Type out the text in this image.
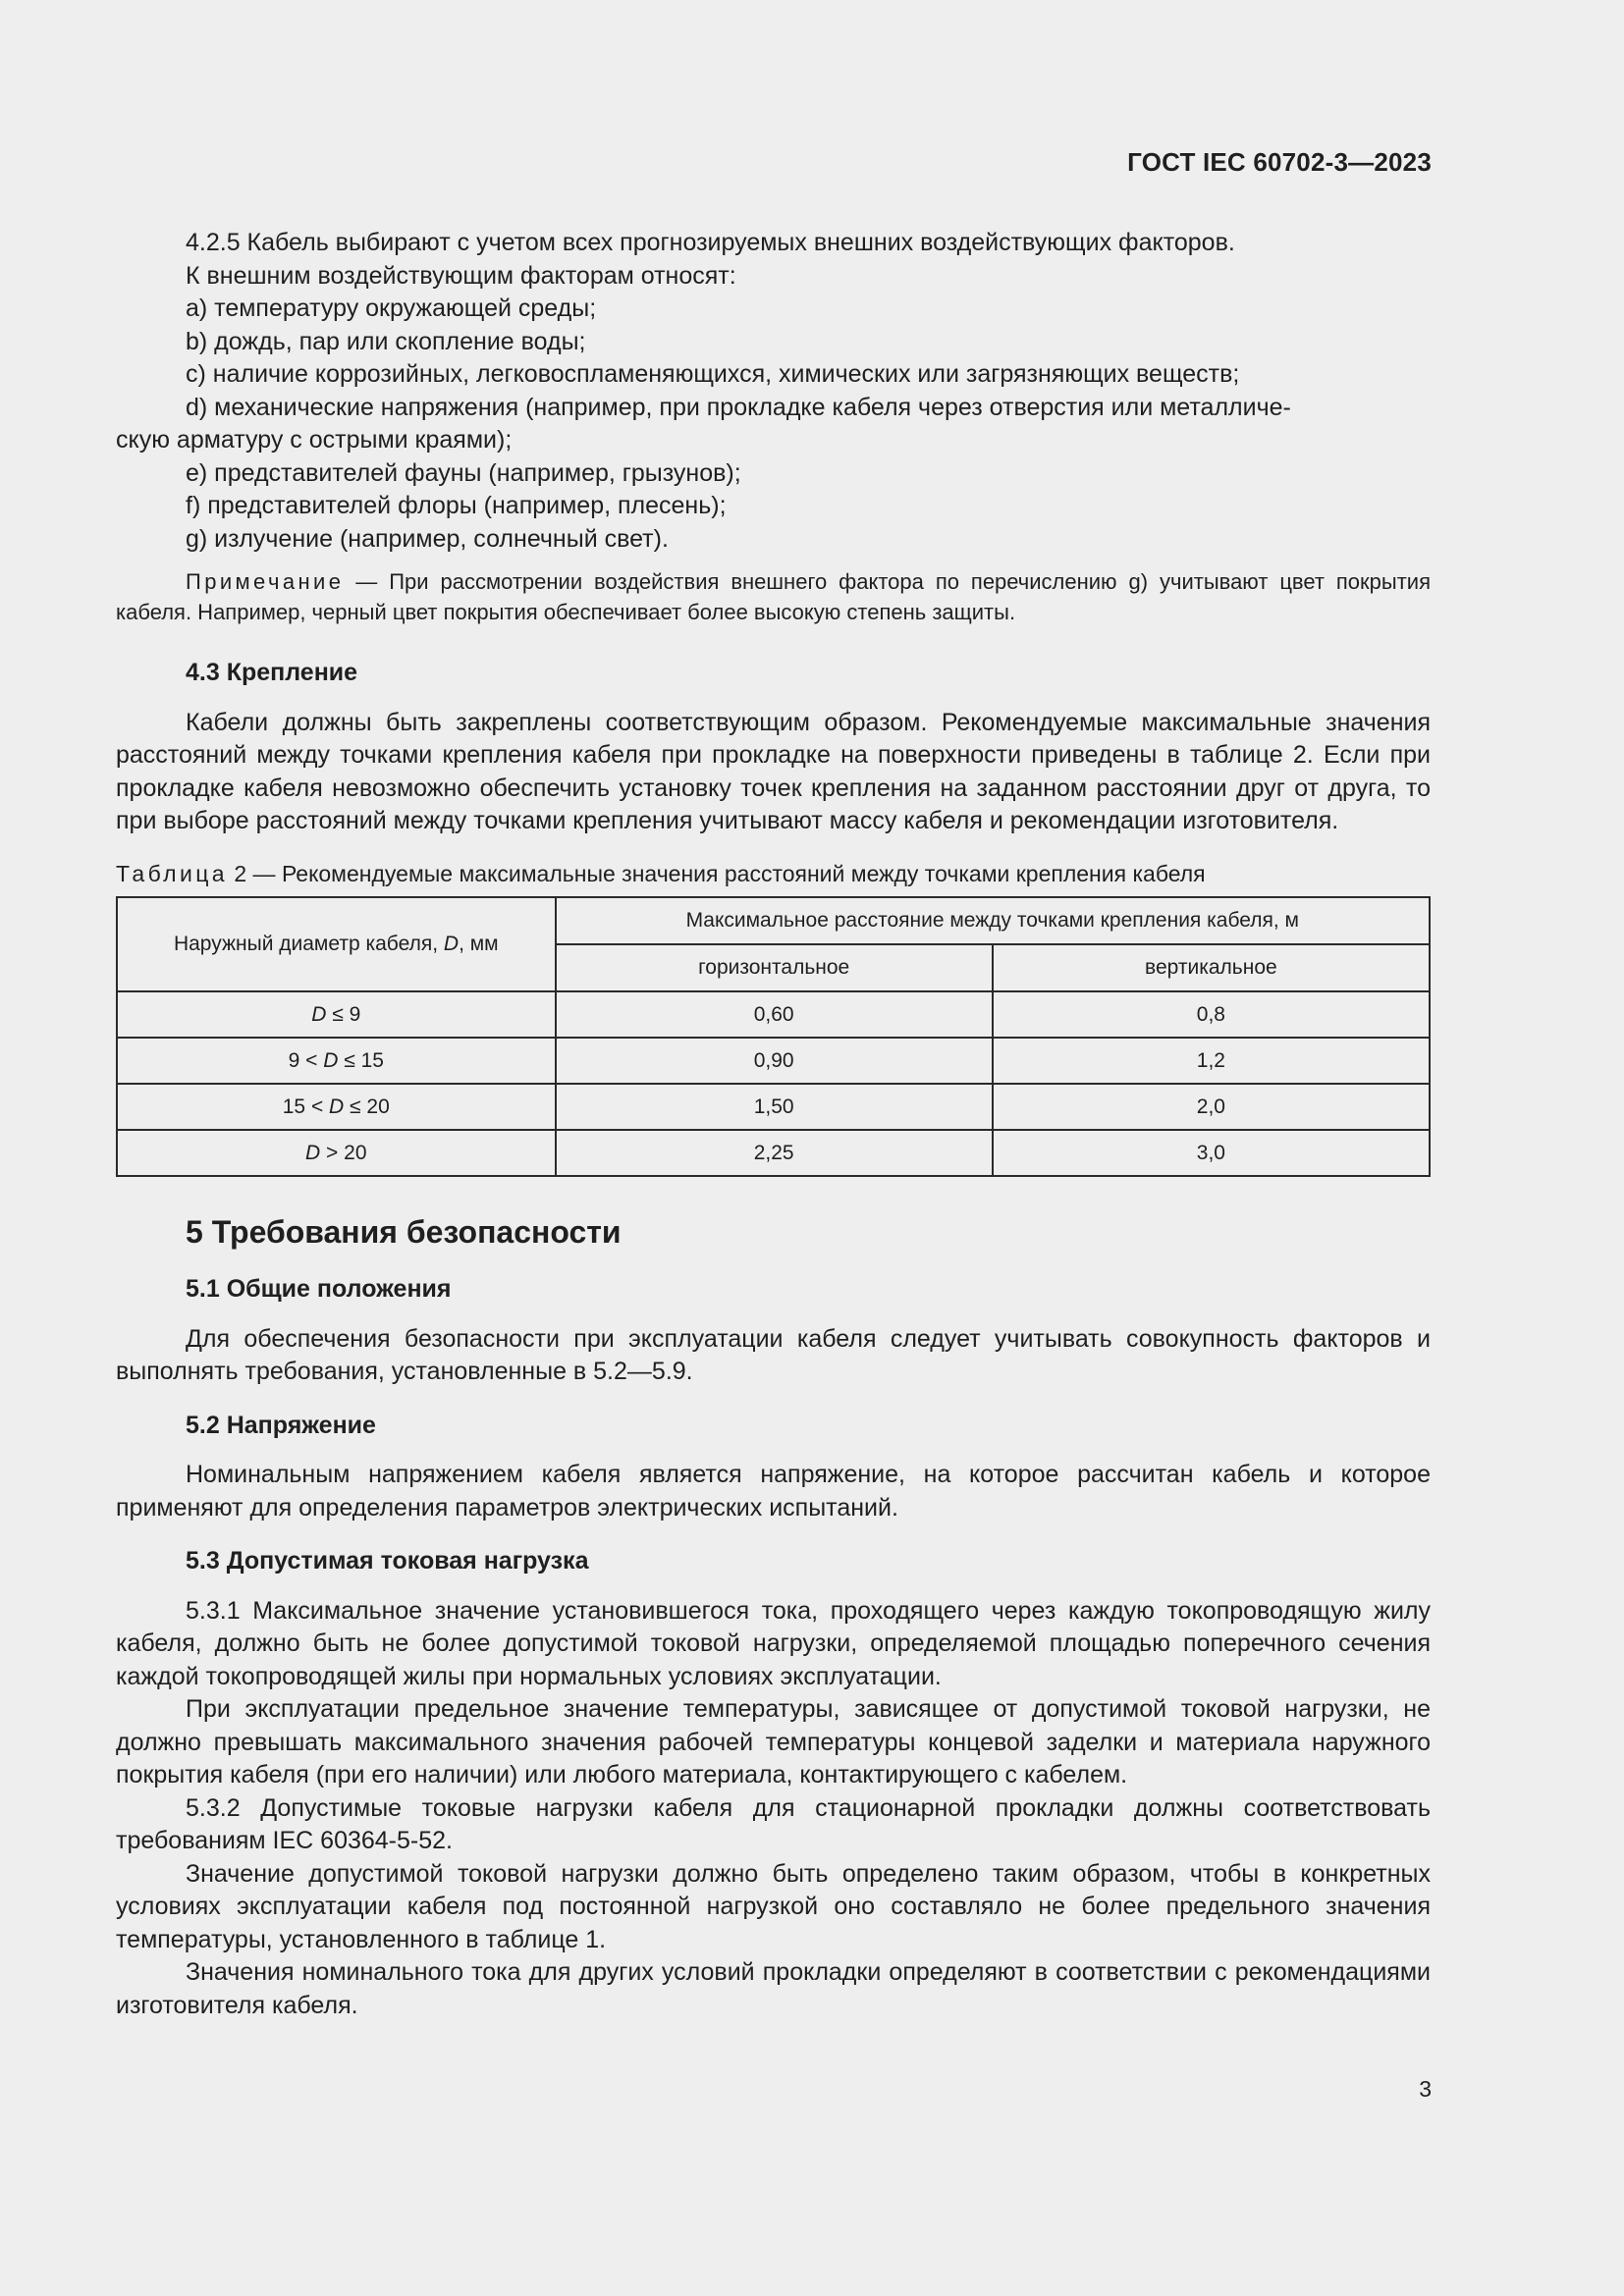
ГОСТ IEC 60702-3—2023

4.2.5 Кабель выбирают с учетом всех прогнозируемых внешних воздействующих факторов.

К внешним воздействующим факторам относят:

a) температуру окружающей среды;

b) дождь, пар или скопление воды;

c) наличие коррозийных, легковоспламеняющихся, химических или загрязняющих веществ;

d) механические напряжения (например, при прокладке кабеля через отверстия или металличе-

скую арматуру с острыми краями);

e) представителей фауны (например, грызунов);

f) представителей флоры (например, плесень);

g) излучение (например, солнечный свет).

Примечание — При рассмотрении воздействия внешнего фактора по перечислению g) учитывают цвет покрытия кабеля. Например, черный цвет покрытия обеспечивает более высокую степень защиты.

4.3 Крепление

Кабели должны быть закреплены соответствующим образом. Рекомендуемые максимальные значения расстояний между точками крепления кабеля при прокладке на поверхности приведены в таблице 2. Если при прокладке кабеля невозможно обеспечить установку точек крепления на заданном расстоянии друг от друга, то при выборе расстояний между точками крепления учитывают массу кабеля и рекомендации изготовителя.

Таблица 2 — Рекомендуемые максимальные значения расстояний между точками крепления кабеля

Наружный диаметр кабеля, D, мм	Максимальное расстояние между точками крепления кабеля, м	
	горизонтальное	вертикальное
D ≤ 9	0,60	0,8
9 < D ≤ 15	0,90	1,2
15 < D ≤ 20	1,50	2,0
D > 20	2,25	3,0

5 Требования безопасности

5.1 Общие положения

Для обеспечения безопасности при эксплуатации кабеля следует учитывать совокупность факторов и выполнять требования, установленные в 5.2—5.9.

5.2 Напряжение

Номинальным напряжением кабеля является напряжение, на которое рассчитан кабель и которое применяют для определения параметров электрических испытаний.

5.3 Допустимая токовая нагрузка

5.3.1 Максимальное значение установившегося тока, проходящего через каждую токопроводящую жилу кабеля, должно быть не более допустимой токовой нагрузки, определяемой площадью поперечного сечения каждой токопроводящей жилы при нормальных условиях эксплуатации.

При эксплуатации предельное значение температуры, зависящее от допустимой токовой нагрузки, не должно превышать максимального значения рабочей температуры концевой заделки и материала наружного покрытия кабеля (при его наличии) или любого материала, контактирующего с кабелем.

5.3.2 Допустимые токовые нагрузки кабеля для стационарной прокладки должны соответствовать требованиям IEC 60364-5-52.

Значение допустимой токовой нагрузки должно быть определено таким образом, чтобы в конкретных условиях эксплуатации кабеля под постоянной нагрузкой оно составляло не более предельного значения температуры, установленного в таблице 1.

Значения номинального тока для других условий прокладки определяют в соответствии с рекомендациями изготовителя кабеля.

3
